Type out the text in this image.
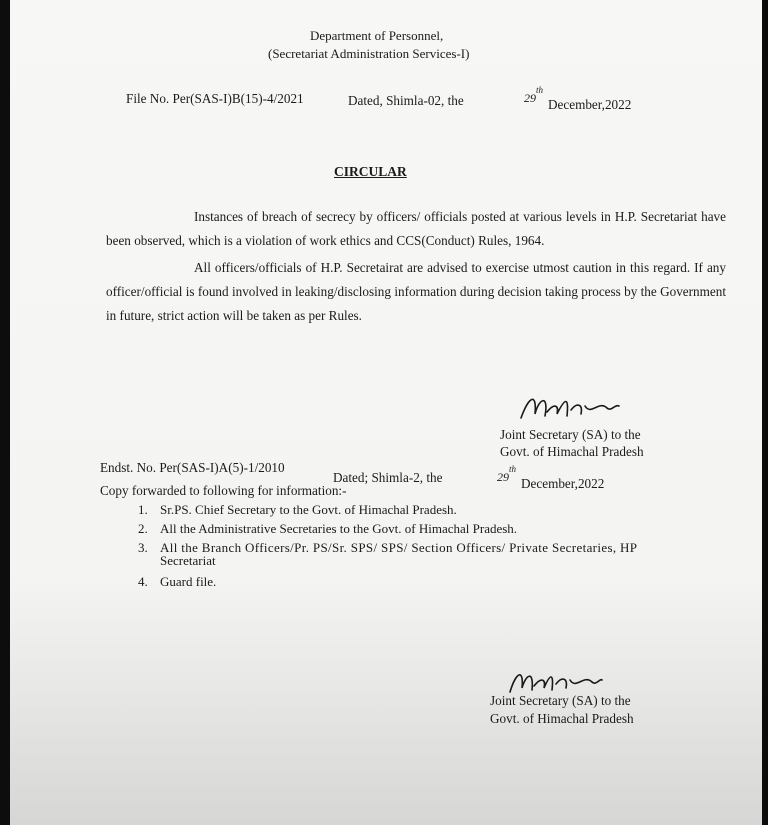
Department of Personnel,
(Secretariat Administration Services-I)
File No. Per(SAS-I)B(15)-4/2021	Dated, Shimla-02, the	29th
December,2022
CIRCULAR
Instances of breach of secrecy by officers/ officials posted at various levels in H.P. Secretariat have been observed, which is a violation of work ethics and CCS(Conduct) Rules, 1964.
All officers/officials of H.P. Secretairat are advised to exercise utmost caution in this regard. If any officer/official is found involved in leaking/disclosing information during decision taking process by the Government in future, strict action will be taken as per Rules.
Joint Secretary (SA) to the
Govt. of Himachal Pradesh
Endst. No. Per(SAS-I)A(5)-1/2010
Dated; Shimla-2, the	29th
December,2022
Copy forwarded to following for information:-
1. Sr.PS. Chief Secretary to the Govt. of Himachal Pradesh.
2. All the Administrative Secretaries to the Govt. of Himachal Pradesh.
3. All the Branch Officers/Pr. PS/Sr. SPS/ SPS/ Section Officers/ Private Secretaries, HP
Secretariat
4. Guard file.
Joint Secretary (SA) to the
Govt. of Himachal Pradesh
